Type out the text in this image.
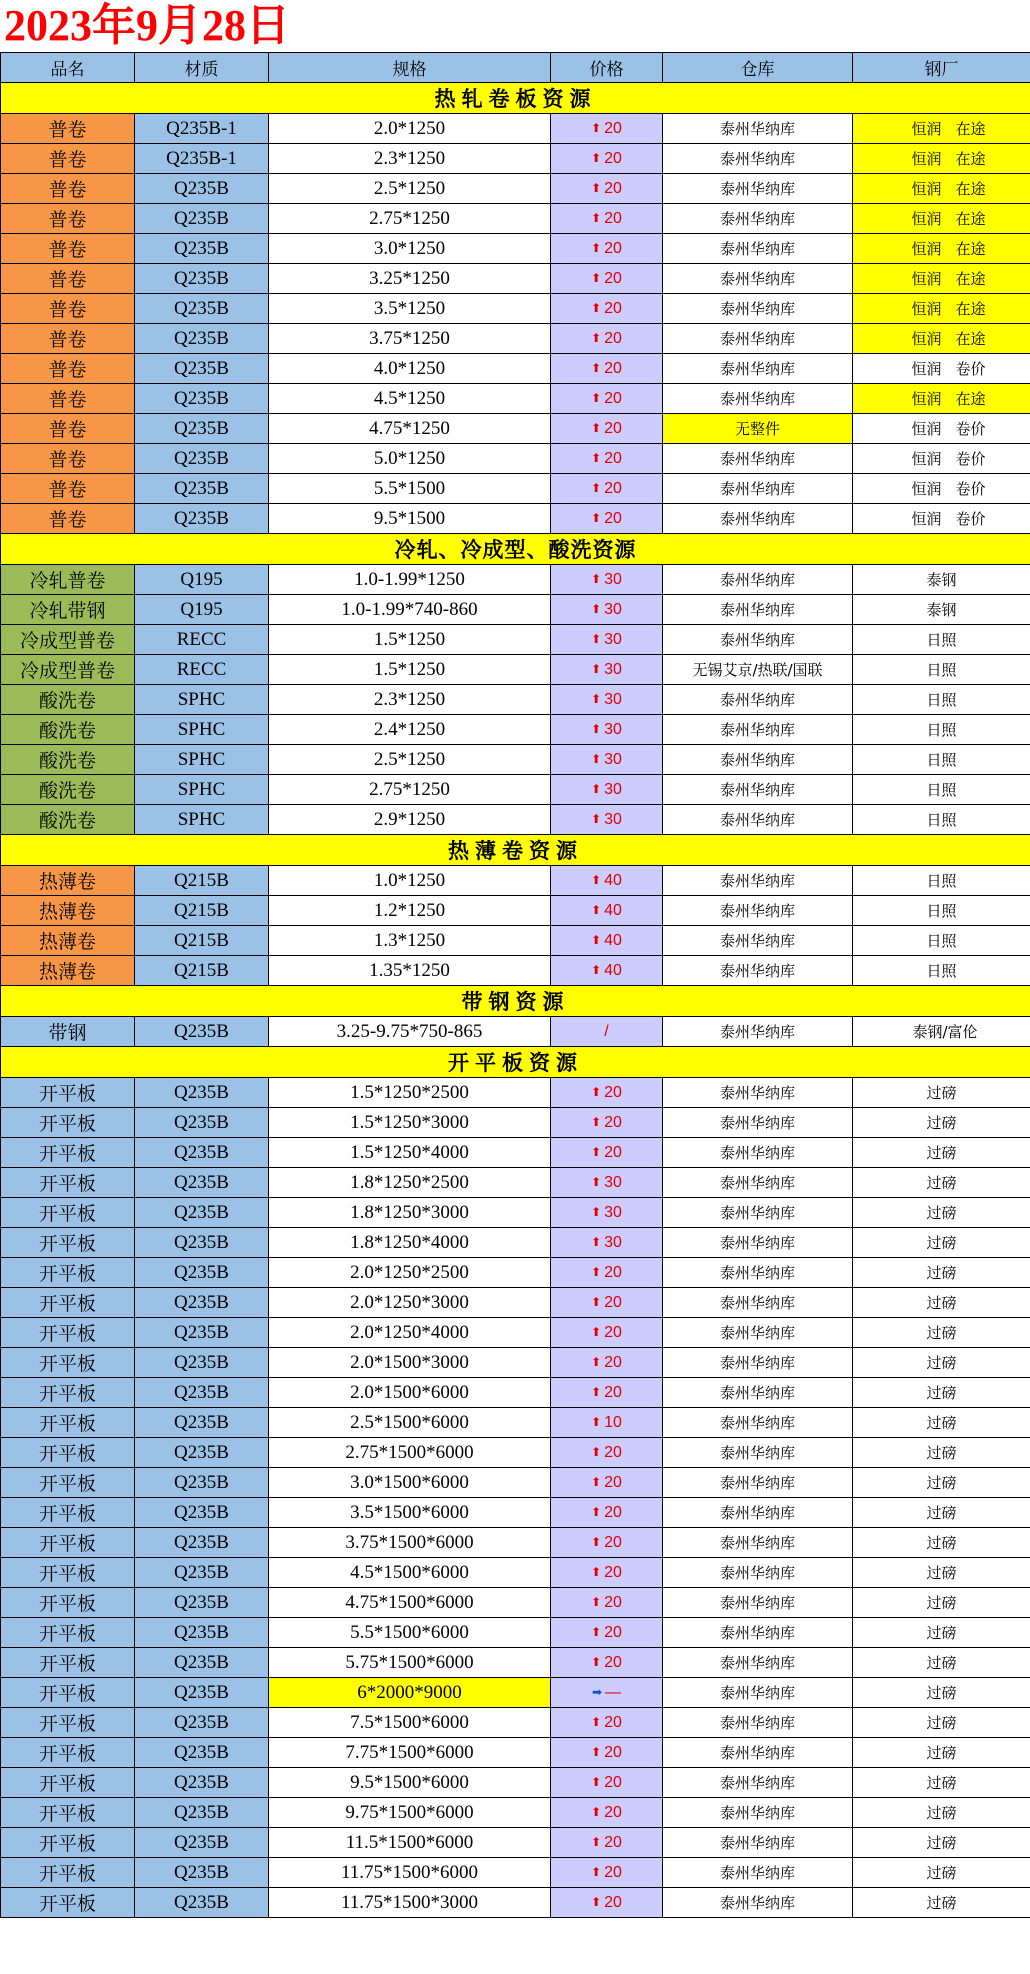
2023年9月28日
品名	材质	规格	价格	仓库	钢厂
热轧卷板资源					
普卷	Q235B-1	2.0*1250	⬆ 20	泰州华纳库	恒润 在途
普卷	Q235B-1	2.3*1250	⬆ 20	泰州华纳库	恒润 在途
普卷	Q235B	2.5*1250	⬆ 20	泰州华纳库	恒润 在途
普卷	Q235B	2.75*1250	⬆ 20	泰州华纳库	恒润 在途
普卷	Q235B	3.0*1250	⬆ 20	泰州华纳库	恒润 在途
普卷	Q235B	3.25*1250	⬆ 20	泰州华纳库	恒润 在途
普卷	Q235B	3.5*1250	⬆ 20	泰州华纳库	恒润 在途
普卷	Q235B	3.75*1250	⬆ 20	泰州华纳库	恒润 在途
普卷	Q235B	4.0*1250	⬆ 20	泰州华纳库	恒润 卷价
普卷	Q235B	4.5*1250	⬆ 20	泰州华纳库	恒润 在途
普卷	Q235B	4.75*1250	⬆ 20	无整件	恒润 卷价
普卷	Q235B	5.0*1250	⬆ 20	泰州华纳库	恒润 卷价
普卷	Q235B	5.5*1500	⬆ 20	泰州华纳库	恒润 卷价
普卷	Q235B	9.5*1500	⬆ 20	泰州华纳库	恒润 卷价
冷轧、冷成型、酸洗资源					
冷轧普卷	Q195	1.0-1.99*1250	⬆ 30	泰州华纳库	泰钢
冷轧带钢	Q195	1.0-1.99*740-860	⬆ 30	泰州华纳库	泰钢
冷成型普卷	RECC	1.5*1250	⬆ 30	泰州华纳库	日照
冷成型普卷	RECC	1.5*1250	⬆ 30	无锡艾京/热联/国联	日照
酸洗卷	SPHC	2.3*1250	⬆ 30	泰州华纳库	日照
酸洗卷	SPHC	2.4*1250	⬆ 30	泰州华纳库	日照
酸洗卷	SPHC	2.5*1250	⬆ 30	泰州华纳库	日照
酸洗卷	SPHC	2.75*1250	⬆ 30	泰州华纳库	日照
酸洗卷	SPHC	2.9*1250	⬆ 30	泰州华纳库	日照
热薄卷资源					
热薄卷	Q215B	1.0*1250	⬆ 40	泰州华纳库	日照
热薄卷	Q215B	1.2*1250	⬆ 40	泰州华纳库	日照
热薄卷	Q215B	1.3*1250	⬆ 40	泰州华纳库	日照
热薄卷	Q215B	1.35*1250	⬆ 40	泰州华纳库	日照
带钢资源					
带钢	Q235B	3.25-9.75*750-865	/	泰州华纳库	泰钢/富伦
开平板资源					
开平板	Q235B	1.5*1250*2500	⬆ 20	泰州华纳库	过磅
开平板	Q235B	1.5*1250*3000	⬆ 20	泰州华纳库	过磅
开平板	Q235B	1.5*1250*4000	⬆ 20	泰州华纳库	过磅
开平板	Q235B	1.8*1250*2500	⬆ 30	泰州华纳库	过磅
开平板	Q235B	1.8*1250*3000	⬆ 30	泰州华纳库	过磅
开平板	Q235B	1.8*1250*4000	⬆ 30	泰州华纳库	过磅
开平板	Q235B	2.0*1250*2500	⬆ 20	泰州华纳库	过磅
开平板	Q235B	2.0*1250*3000	⬆ 20	泰州华纳库	过磅
开平板	Q235B	2.0*1250*4000	⬆ 20	泰州华纳库	过磅
开平板	Q235B	2.0*1500*3000	⬆ 20	泰州华纳库	过磅
开平板	Q235B	2.0*1500*6000	⬆ 20	泰州华纳库	过磅
开平板	Q235B	2.5*1500*6000	⬆ 10	泰州华纳库	过磅
开平板	Q235B	2.75*1500*6000	⬆ 20	泰州华纳库	过磅
开平板	Q235B	3.0*1500*6000	⬆ 20	泰州华纳库	过磅
开平板	Q235B	3.5*1500*6000	⬆ 20	泰州华纳库	过磅
开平板	Q235B	3.75*1500*6000	⬆ 20	泰州华纳库	过磅
开平板	Q235B	4.5*1500*6000	⬆ 20	泰州华纳库	过磅
开平板	Q235B	4.75*1500*6000	⬆ 20	泰州华纳库	过磅
开平板	Q235B	5.5*1500*6000	⬆ 20	泰州华纳库	过磅
开平板	Q235B	5.75*1500*6000	⬆ 20	泰州华纳库	过磅
开平板	Q235B	6*2000*9000	➡ —	泰州华纳库	过磅
开平板	Q235B	7.5*1500*6000	⬆ 20	泰州华纳库	过磅
开平板	Q235B	7.75*1500*6000	⬆ 20	泰州华纳库	过磅
开平板	Q235B	9.5*1500*6000	⬆ 20	泰州华纳库	过磅
开平板	Q235B	9.75*1500*6000	⬆ 20	泰州华纳库	过磅
开平板	Q235B	11.5*1500*6000	⬆ 20	泰州华纳库	过磅
开平板	Q235B	11.75*1500*6000	⬆ 20	泰州华纳库	过磅
开平板	Q235B	11.75*1500*3000	⬆ 20	泰州华纳库	过磅
